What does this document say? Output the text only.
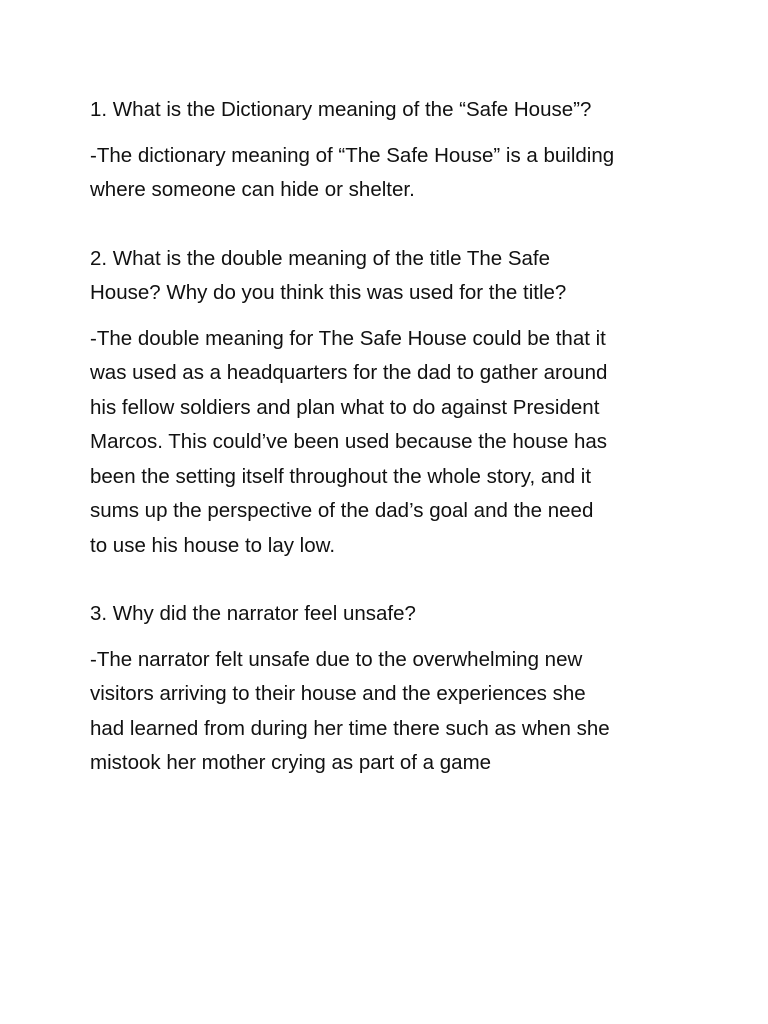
1. What is the Dictionary meaning of the “Safe House”?

-The dictionary meaning of “The Safe House” is a building
where someone can hide or shelter.

2. What is the double meaning of the title The Safe
House? Why do you think this was used for the title?

-The double meaning for The Safe House could be that it
was used as a headquarters for the dad to gather around
his fellow soldiers and plan what to do against President
Marcos. This could’ve been used because the house has
been the setting itself throughout the whole story, and it
sums up the perspective of the dad’s goal and the need
to use his house to lay low.

3. Why did the narrator feel unsafe?

-The narrator felt unsafe due to the overwhelming new
visitors arriving to their house and the experiences she
had learned from during her time there such as when she
mistook her mother crying as part of a game
